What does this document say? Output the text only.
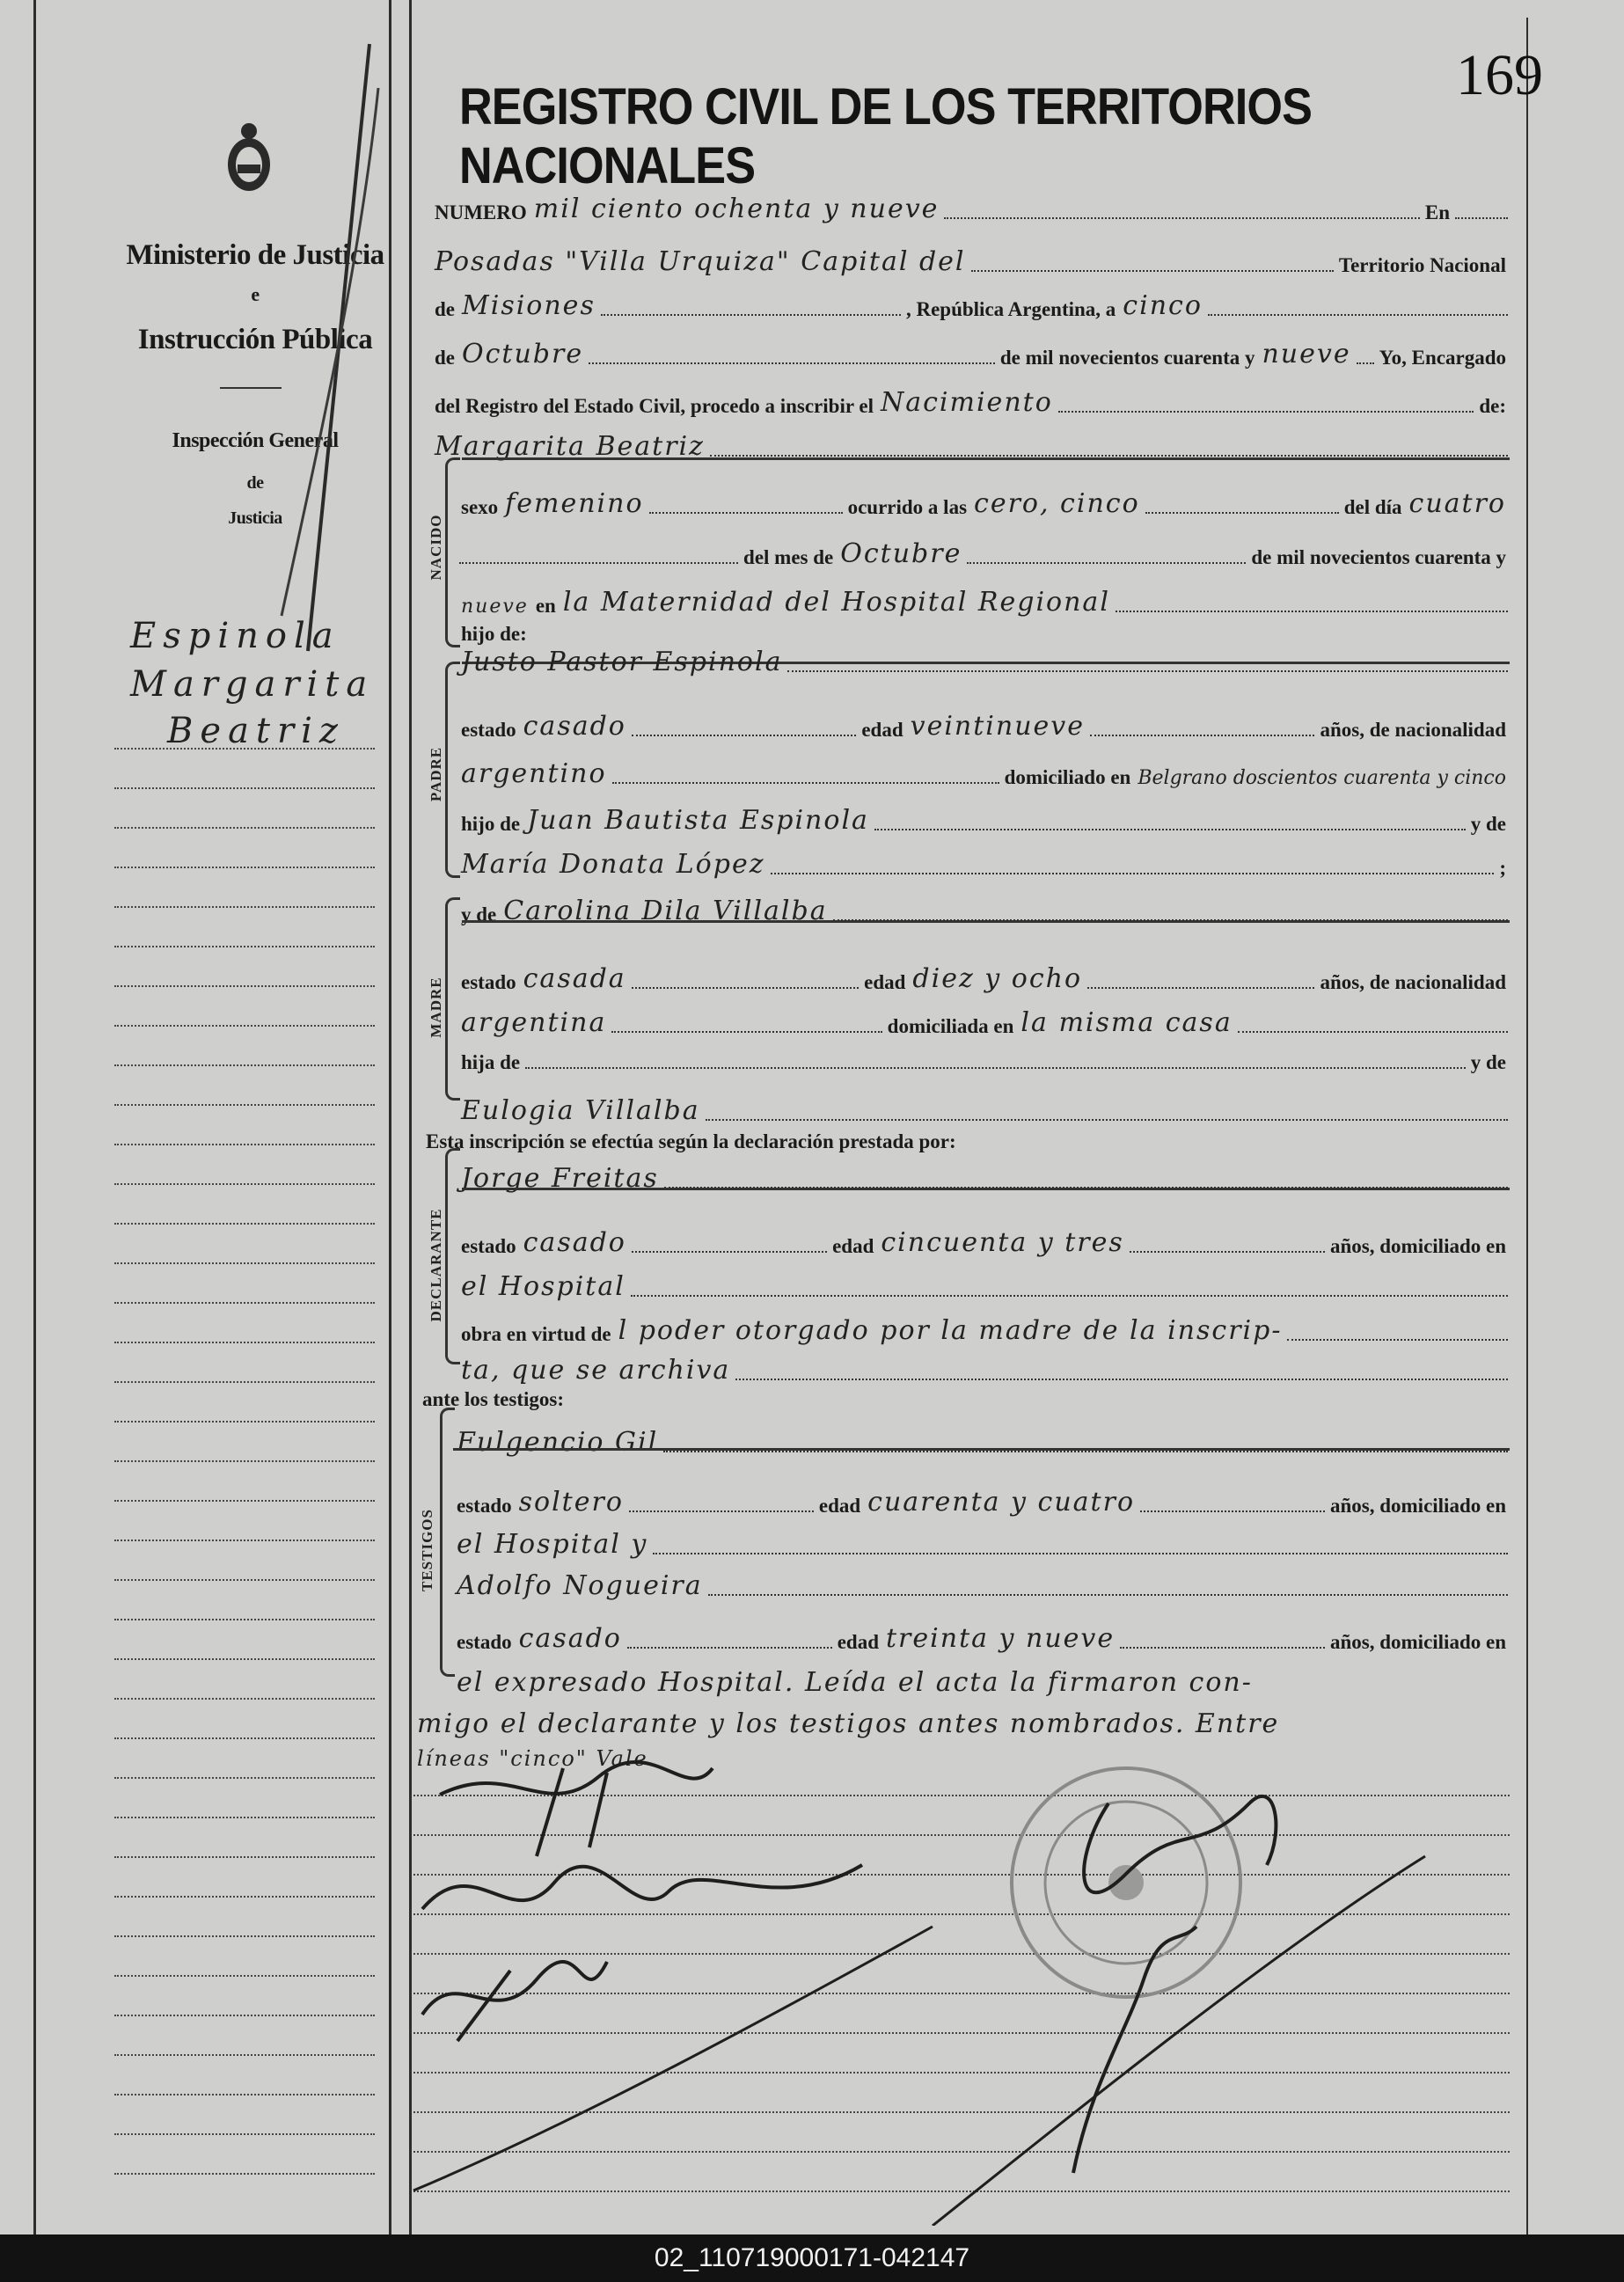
169
REGISTRO CIVIL DE LOS TERRITORIOS NACIONALES
Ministerio de Justicia
e
Instrucción Pública
Inspección General
de
Justicia
Espinola
Margarita
Beatriz
NUMERO mil ciento ochenta y nueve	En
Posadas "Villa Urquiza" Capital del	Territorio Nacional
de Misiones	, República Argentina, a cinco
de Octubre	de mil novecientos cuarenta y nueve Yo, Encargado
del Registro del Estado Civil, procedo a inscribir el Nacimiento	de:
Margarita Beatriz
NACIDO
sexo femenino	ocurrido a las cero, cinco	del día cuatro
del mes de Octubre	de mil novecientos cuarenta y
nueve en la Maternidad del Hospital Regional
hijo de:
PADRE
Justo Pastor Espinola
estado casado	edad veintinueve	años, de nacionalidad
argentino	domiciliado en Belgrano doscientos cuarenta y cinco
hijo de Juan Bautista Espinola	y de
María Donata López	;
MADRE
y de Carolina Dila Villalba
estado casada	edad diez y ocho	años, de nacionalidad
argentina	domiciliada en la misma casa
hija de	y de
Eulogia Villalba
Esta inscripción se efectúa según la declaración prestada por:
DECLARANTE
Jorge Freitas
estado casado	edad cincuenta y tres	años, domiciliado en
el Hospital
obra en virtud de l poder otorgado por la madre de la inscrip-
ta, que se archiva
ante los testigos:
TESTIGOS
Fulgencio Gil
estado soltero	edad cuarenta y cuatro	años, domiciliado en
el Hospital y
Adolfo Nogueira
estado casado	edad treinta y nueve	años, domiciliado en
el expresado Hospital. Leída el acta la firmaron con-
migo el declarante y los testigos antes nombrados. Entre
líneas "cinco" Vale
02_110719000171-042147
